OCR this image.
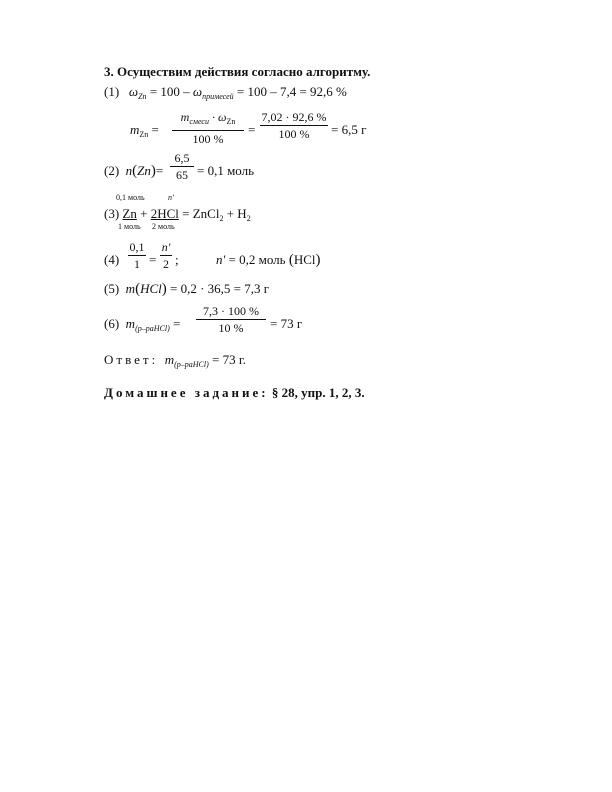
3. Осуществим действия согласно алгоритму.
(1) $\omega_{Zn} = 100 - \omega_{примесей} = 100 - 7,4 = 92,6$ %
$m_{Zn}$ =
$m_{смеси} \cdot \omega_{Zn}$
100 %
=
7,02 · 92,6 %
100 %	= 6,5 г
(2) n(Zn)=
6,5
65 = 0,1 моль
0,1 моль	n'
(3) Zn + 2HCl = ZnCl$_2$ + $H_2$
1 моль 2 моль
(4)
0,1
1 =
n'
2 ;	n' = 0,2 моль (HCl)
(5) m(HCl) = 0,2 · 36,5 = 7,3 г
(6) $m_{(р-раHCl)}$ =
7,3 · 100 %
10 %	= 73 г
Ответ: $m_{(р-раHCl)} = 73$ г.
Домашнее задание: § 28, упр. 1, 2, 3.
